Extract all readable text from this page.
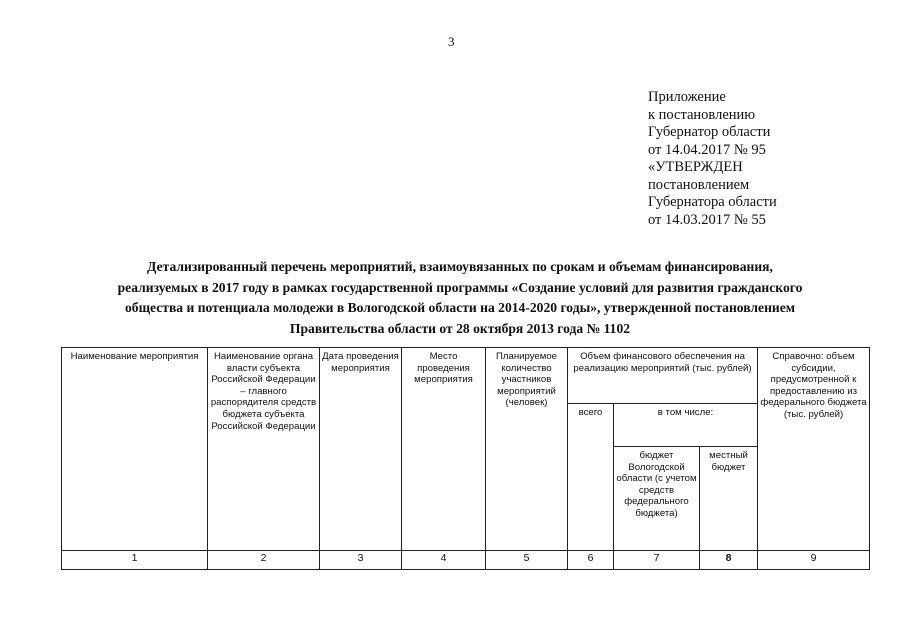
3
Приложение
к постановлению
Губернатор области
от 14.04.2017 № 95
«УТВЕРЖДЕН
постановлением
Губернатора области
от 14.03.2017 № 55
Детализированный перечень мероприятий, взаимоувязанных по срокам и объемам финансирования,
реализуемых в 2017 году в рамках государственной программы «Создание условий для развития гражданского
общества и потенциала молодежи в Вологодской области на 2014-2020 годы», утвержденной постановлением
Правительства области от 28 октября 2013 года № 1102
Наименование мероприятия	Наименование органа власти субъекта Российской Федерации – главного распорядителя средств бюджета субъекта Российской Федерации	Дата проведения мероприятия	Место проведения мероприятия	Планируемое количество участников мероприятий (человек)	Объем финансового обеспечения на реализацию мероприятий (тыс. рублей)			Справочно: объем субсидии, предусмотренной к предоставлению из федерального бюджета (тыс. рублей)
					всего	в том числе:		
						бюджет Вологодской области (с учетом средств федерального бюджета)	местный бюджет	
1	2	3	4	5	6	7	8	9
